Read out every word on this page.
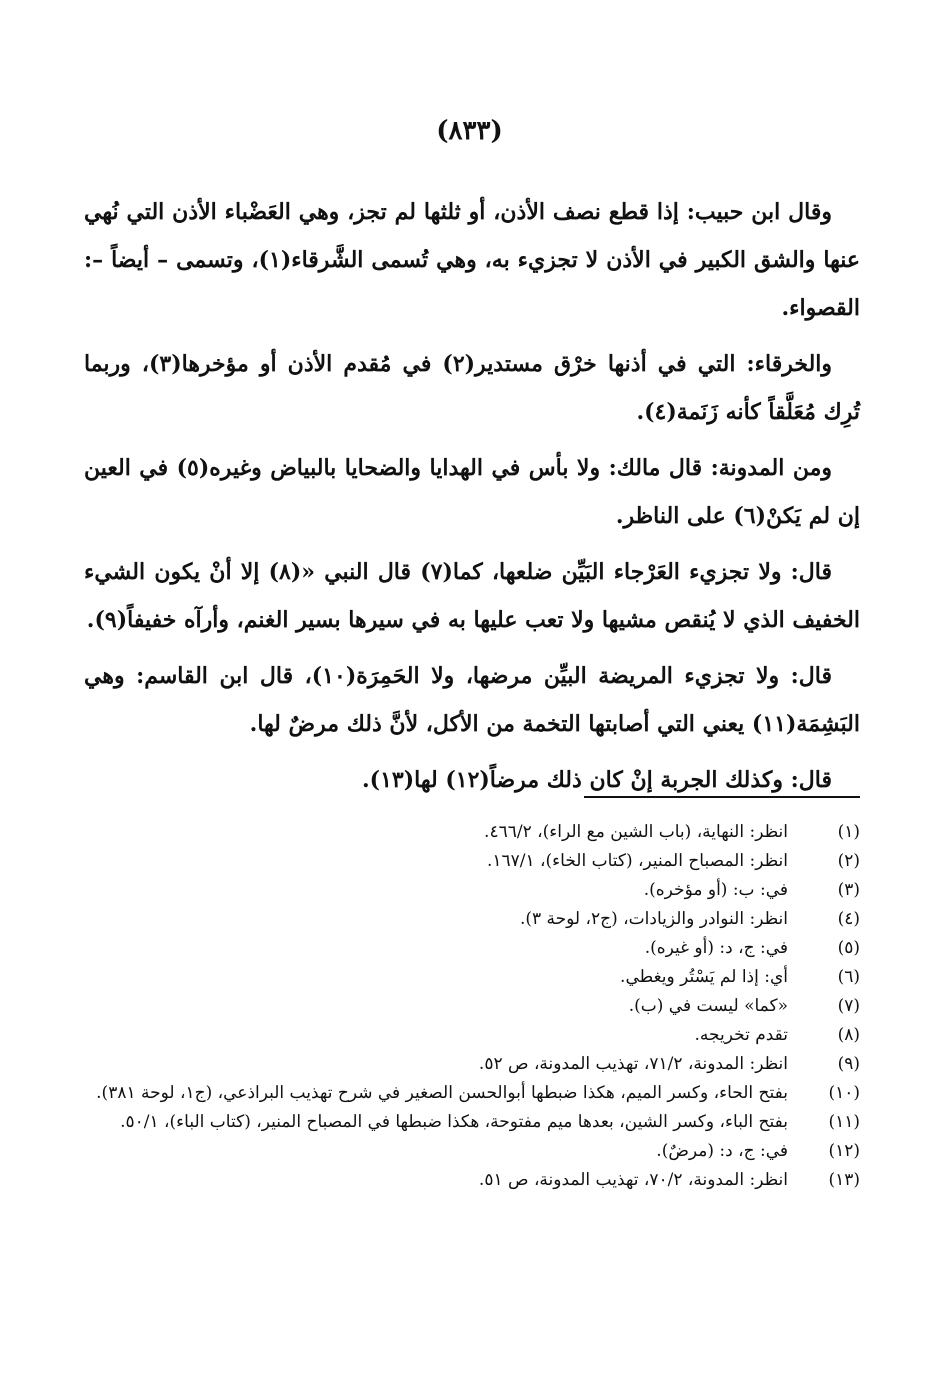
(٨٣٣)

وقال ابن حبيب: إذا قطع نصف الأذن، أو ثلثها لم تجز، وهي العَضْباء الأذن التي نُهي عنها والشق الكبير في الأذن لا تجزيء به، وهي تُسمى الشَّرقاء(١)، وتسمى – أيضاً –: القصواء.

والخرقاء: التي في أذنها خرْق مستدير(٢) في مُقدم الأذن أو مؤخرها(٣)، وربما تُرِك مُعَلَّقاً كأنه زَنَمة(٤).

ومن المدونة: قال مالك: ولا بأس في الهدايا والضحايا بالبياض وغيره(٥) في العين إن لم يَكنْ(٦) على الناظر.

قال: ولا تجزيء العَرْجاء البَيِّن ضلعها، كما(٧) قال النبي «(٨) إلا أنْ يكون الشيء الخفيف الذي لا يُنقص مشيها ولا تعب عليها به في سيرها بسير الغنم، وأرآه خفيفاً(٩).

قال: ولا تجزيء المريضة البيِّن مرضها، ولا الحَمِرَة(١٠)، قال ابن القاسم: وهي البَشِمَة(١١) يعني التي أصابتها التخمة من الأكل، لأنَّ ذلك مرضٌ لها.

قال: وكذلك الجربة إنْ كان ذلك مرضاً(١٢) لها(١٣).

(١)
انظر: النهاية، (باب الشين مع الراء)، ٤٦٦/٢.
(٢)
انظر: المصباح المنير، (كتاب الخاء)، ١٦٧/١.
(٣)
في: ب: (أو مؤخره).
(٤)
انظر: النوادر والزيادات، (ج٢، لوحة ٣).
(٥)
في: ج، د: (أو غيره).
(٦)
أي: إذا لم يَسْتُر ويغطي.
(٧)
«كما» ليست في (ب).
(٨)
تقدم تخريجه.
(٩)
انظر: المدونة، ٧١/٢، تهذيب المدونة، ص ٥٢.
(١٠)
بفتح الحاء، وكسر الميم، هكذا ضبطها أبوالحسن الصغير في شرح تهذيب البراذعي، (ج١، لوحة ٣٨١).
(١١)
بفتح الباء، وكسر الشين، بعدها ميم مفتوحة، هكذا ضبطها في المصباح المنير، (كتاب الباء)، ٥٠/١.
(١٢)
في: ج، د: (مرضٌ).
(١٣)
انظر: المدونة، ٧٠/٢، تهذيب المدونة، ص ٥١.
